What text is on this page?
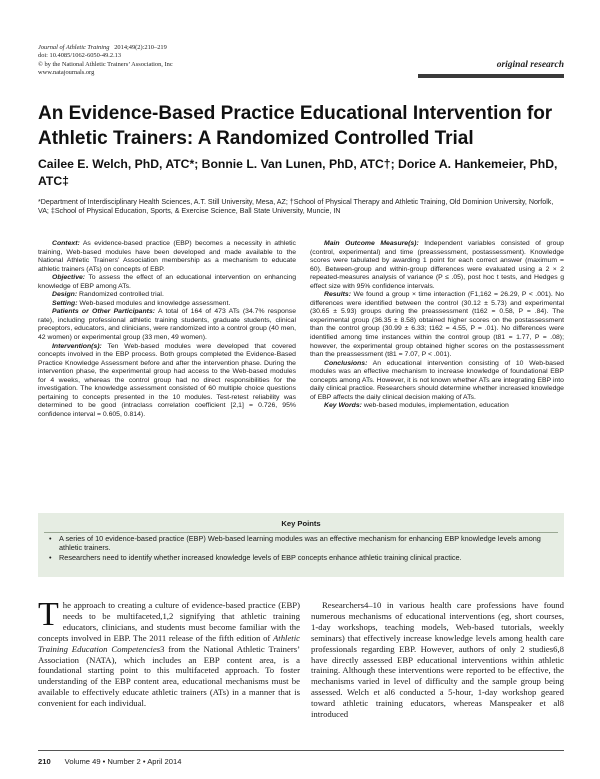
Journal of Athletic Training 2014;49(2):210–219
doi: 10.4085/1062-6050-49.2.13
© by the National Athletic Trainers’ Association, Inc
www.natajournals.org
original research
An Evidence-Based Practice Educational Intervention for Athletic Trainers: A Randomized Controlled Trial
Cailee E. Welch, PhD, ATC*; Bonnie L. Van Lunen, PhD, ATC†; Dorice A. Hankemeier, PhD, ATC‡
*Department of Interdisciplinary Health Sciences, A.T. Still University, Mesa, AZ; †School of Physical Therapy and Athletic Training, Old Dominion University, Norfolk, VA; ‡School of Physical Education, Sports, & Exercise Science, Ball State University, Muncie, IN

Context: As evidence-based practice (EBP) becomes a necessity in athletic training, Web-based modules have been developed and made available to the National Athletic Trainers’ Association membership as a mechanism to educate athletic trainers (ATs) on concepts of EBP.

Objective: To assess the effect of an educational intervention on enhancing knowledge of EBP among ATs.

Design: Randomized controlled trial.

Setting: Web-based modules and knowledge assessment.

Patients or Other Participants: A total of 164 of 473 ATs (34.7% response rate), including professional athletic training students, graduate students, clinical preceptors, educators, and clinicians, were randomized into a control group (40 men, 42 women) or experimental group (33 men, 49 women).

Intervention(s): Ten Web-based modules were developed that covered concepts involved in the EBP process. Both groups completed the Evidence-Based Practice Knowledge Assessment before and after the intervention phase. During the intervention phase, the experimental group had access to the Web-based modules for 4 weeks, whereas the control group had no direct responsibilities for the investigation. The knowledge assessment consisted of 60 multiple choice questions pertaining to concepts presented in the 10 modules. Test-retest reliability was determined to be good (intraclass correlation coefficient [2,1] = 0.726, 95% confidence interval = 0.605, 0.814).

Main Outcome Measure(s): Independent variables consisted of group (control, experimental) and time (preassessment, postassessment). Knowledge scores were tabulated by awarding 1 point for each correct answer (maximum = 60). Between-group and within-group differences were evaluated using a 2 × 2 repeated-measures analysis of variance (P ≤ .05), post hoc t tests, and Hedges g effect size with 95% confidence intervals.

Results: We found a group × time interaction (F1,162 = 26.29, P < .001). No differences were identified between the control (30.12 ± 5.73) and experimental (30.65 ± 5.93) groups during the preassessment (t162 = 0.58, P = .84). The experimental group (36.35 ± 8.58) obtained higher scores on the postassessment than the control group (30.99 ± 6.33; t162 = 4.55, P = .01). No differences were identified among time instances within the control group (t81 = 1.77, P = .08); however, the experimental group obtained higher scores on the postassessment than the preassessment (t81 = 7.07, P < .001).

Conclusions: An educational intervention consisting of 10 Web-based modules was an effective mechanism to increase knowledge of foundational EBP concepts among ATs. However, it is not known whether ATs are integrating EBP into daily clinical practice. Researchers should determine whether increased knowledge of EBP affects the daily clinical decision making of ATs.

Key Words: web-based modules, implementation, education

Key Points
• A series of 10 evidence-based practice (EBP) Web-based learning modules was an effective mechanism for enhancing EBP knowledge levels among athletic trainers.
• Researchers need to identify whether increased knowledge levels of EBP concepts enhance athletic training clinical practice.

The approach to creating a culture of evidence-based practice (EBP) needs to be multifaceted,1,2 signifying that athletic training educators, clinicians, and students must become familiar with the concepts involved in EBP. The 2011 release of the fifth edition of Athletic Training Education Competencies3 from the National Athletic Trainers’ Association (NATA), which includes an EBP content area, is a foundational starting point to this multifaceted approach. To foster understanding of the EBP content area, educational mechanisms must be available to effectively educate athletic trainers (ATs) in a manner that is convenient for each individual.

Researchers4–10 in various health care professions have found numerous mechanisms of educational interventions (eg, short courses, 1-day workshops, teaching models, Web-based tutorials, weekly seminars) that effectively increase knowledge levels among health care professionals regarding EBP. However, authors of only 2 studies6,8 have directly assessed EBP educational interventions within athletic training. Although these interventions were reported to be effective, the mechanisms varied in level of difficulty and the sample group being assessed. Welch et al6 conducted a 5-hour, 1-day workshop geared toward athletic training educators, whereas Manspeaker et al8 introduced

210 Volume 49 • Number 2 • April 2014
